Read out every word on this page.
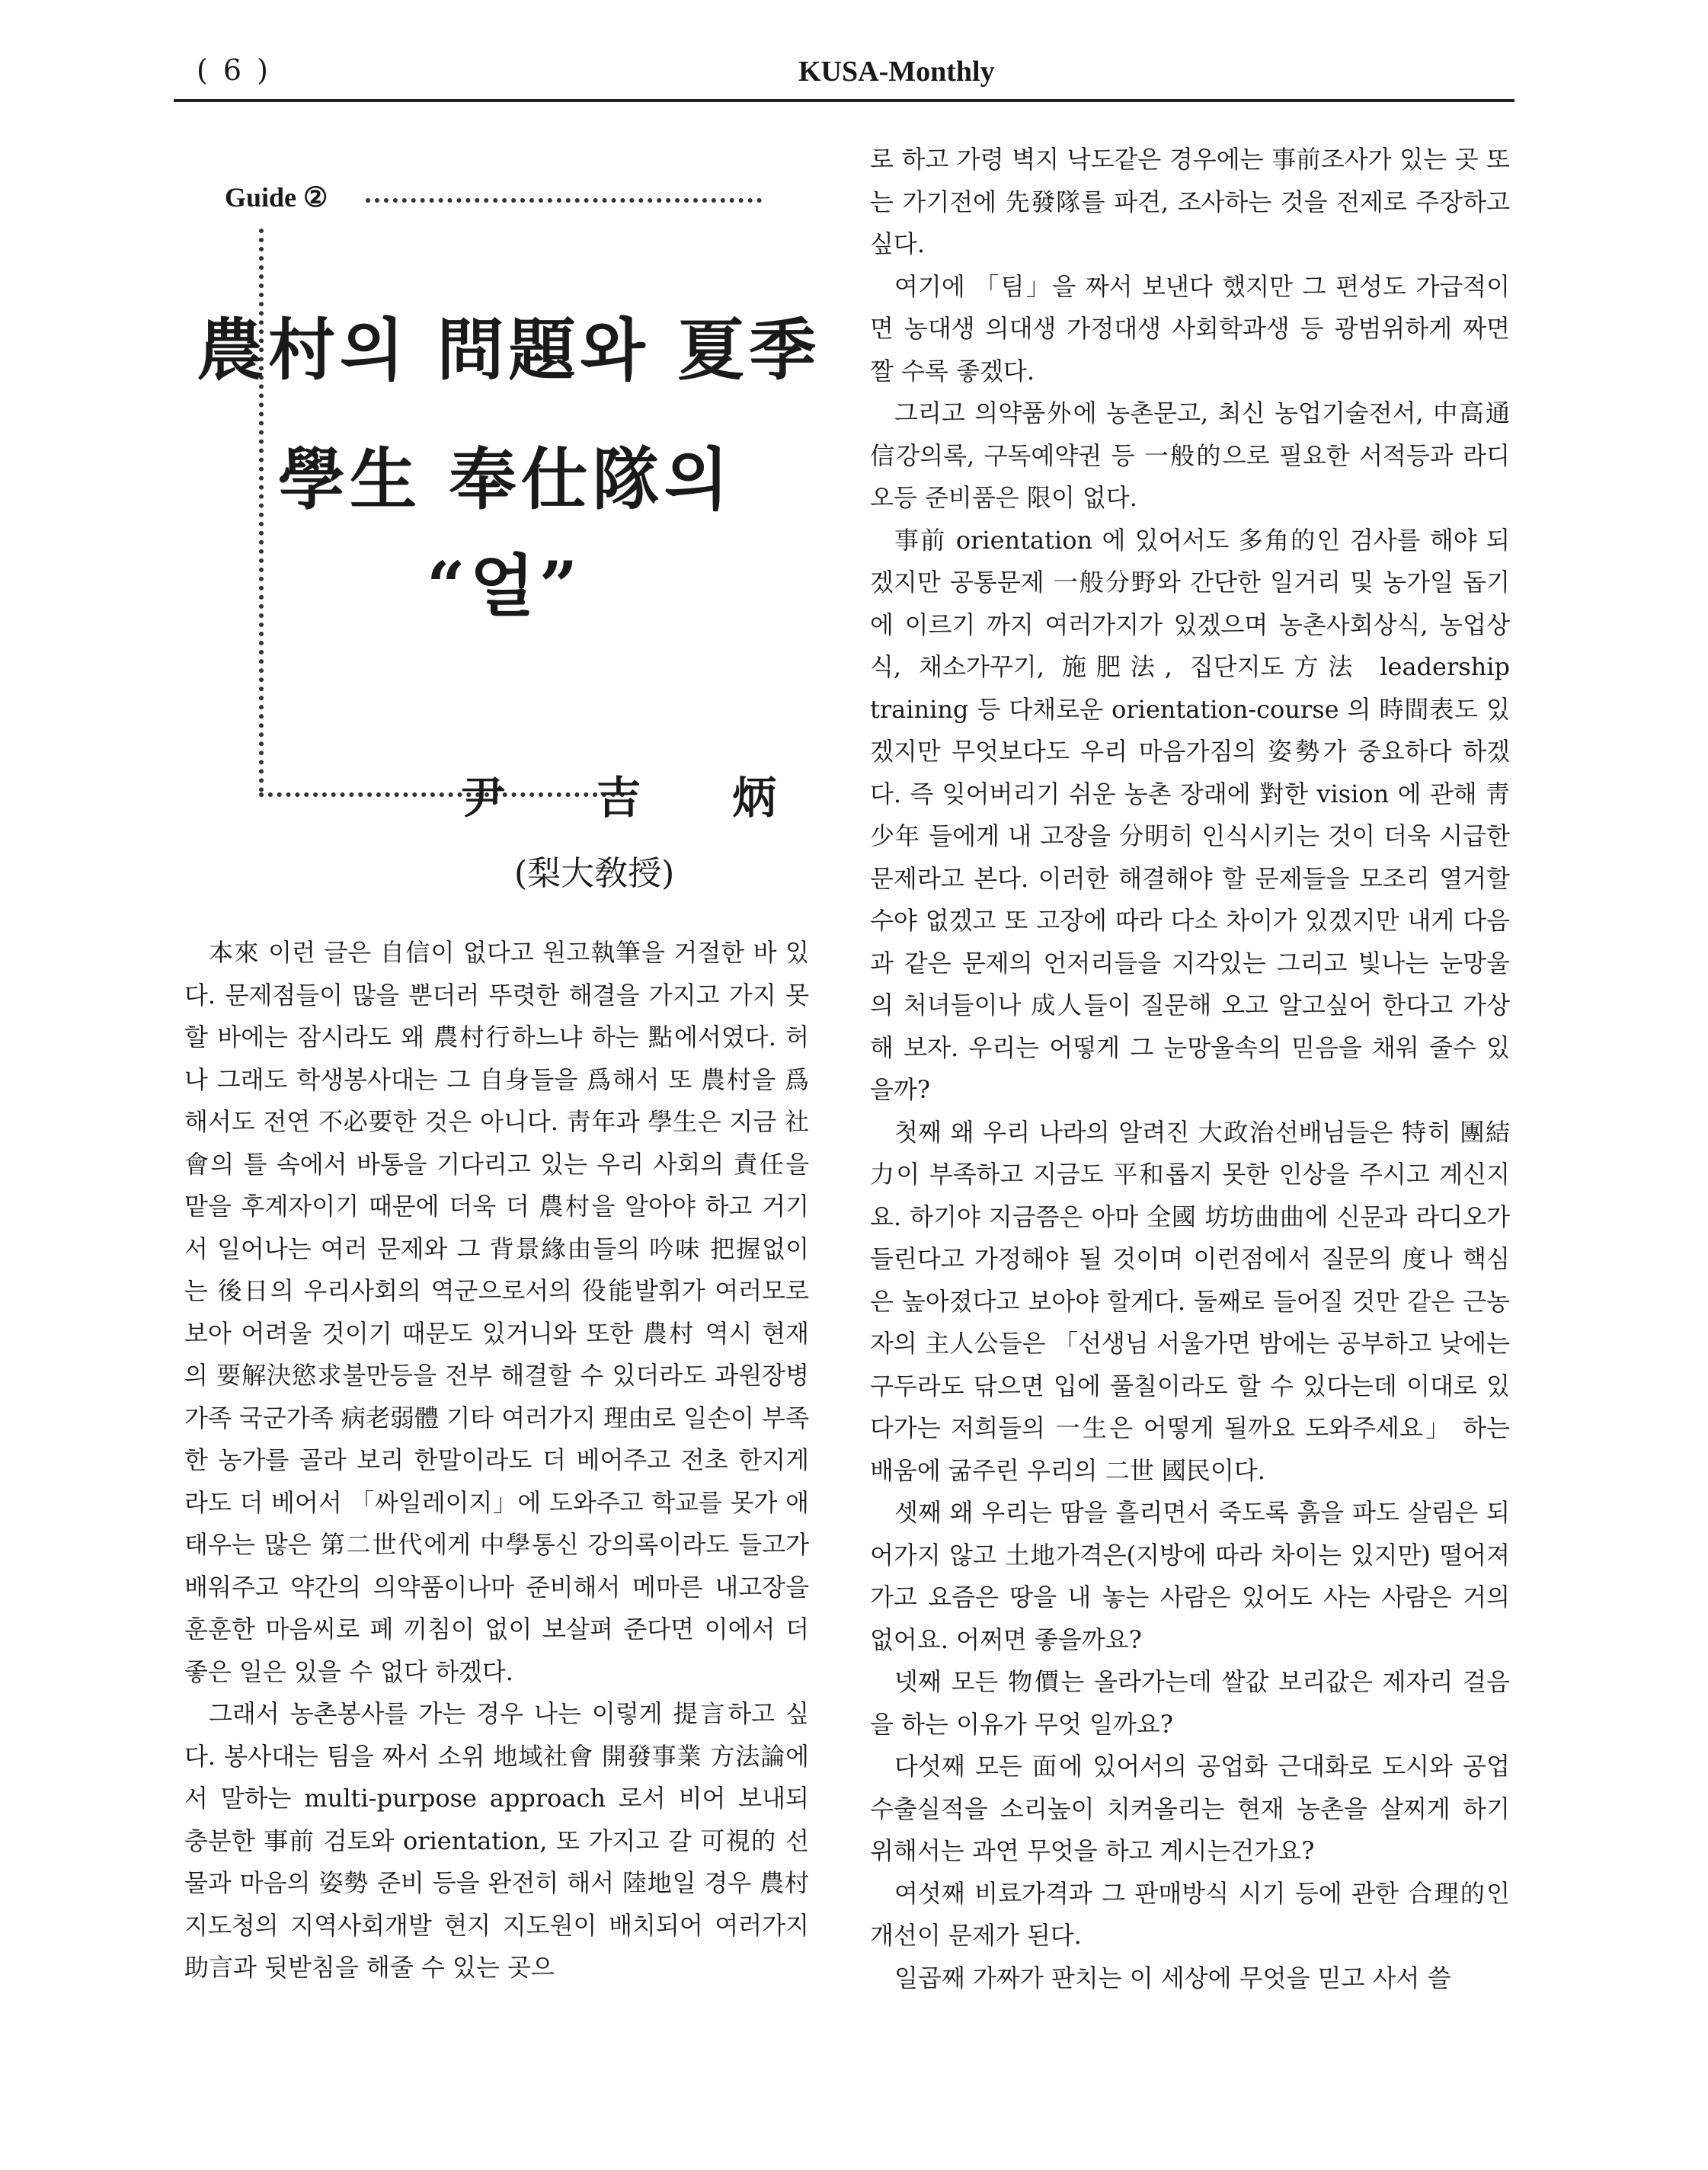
( 6 )	KUSA-Monthly
Guide ②
農村의 問題와 夏季
學生 奉仕隊의
“얼”
尹吉炳
(梨大敎授)

本來 이런 글은 自信이 없다고 원고執筆을 거절한 바 있다. 문제점들이 많을 뿐더러 뚜렷한 해결을 가지고 가지 못할 바에는 잠시라도 왜 農村行하느냐 하는 點에서였다. 허나 그래도 학생봉사대는 그 自身들을 爲해서 또 農村을 爲해서도 전연 不必要한 것은 아니다. 靑年과 學生은 지금 社會의 틀 속에서 바통을 기다리고 있는 우리 사회의 責任을 맡을 후계자이기 때문에 더욱 더 農村을 알아야 하고 거기서 일어나는 여러 문제와 그 背景緣由들의 吟味 把握없이는 後日의 우리사회의 역군으로서의 役能발휘가 여러모로 보아 어려울 것이기 때문도 있거니와 또한 農村 역시 현재의 要解決慾求불만등을 전부 해결할 수 있더라도 과원장병가족 국군가족 病老弱體 기타 여러가지 理由로 일손이 부족한 농가를 골라 보리 한말이라도 더 베어주고 전초 한지게라도 더 베어서 「싸일레이지」에 도와주고 학교를 못가 애태우는 많은 第二世代에게 中學통신 강의록이라도 들고가 배워주고 약간의 의약품이나마 준비해서 메마른 내고장을 훈훈한 마음씨로 폐 끼침이 없이 보살펴 준다면 이에서 더 좋은 일은 있을 수 없다 하겠다.

그래서 농촌봉사를 가는 경우 나는 이렇게 提言하고 싶다. 봉사대는 팀을 짜서 소위 地域社會 開發事業 方法論에서 말하는 multi-purpose approach 로서 비어 보내되 충분한 事前 검토와 orientation, 또 가지고 갈 可視的 선물과 마음의 姿勢 준비 등을 완전히 해서 陸地일 경우 農村지도청의 지역사회개발 현지 지도원이 배치되어 여러가지 助言과 뒷받침을 해줄 수 있는 곳으

로 하고 가령 벽지 낙도같은 경우에는 事前조사가 있는 곳 또는 가기전에 先發隊를 파견, 조사하는 것을 전제로 주장하고 싶다.

여기에 「팀」을 짜서 보낸다 했지만 그 편성도 가급적이면 농대생 의대생 가정대생 사회학과생 등 광범위하게 짜면 짤 수록 좋겠다.

그리고 의약품外에 농촌문고, 최신 농업기술전서, 中高通信강의록, 구독예약권 등 一般的으로 필요한 서적등과 라디오등 준비품은 限이 없다.

事前 orientation 에 있어서도 多角的인 검사를 해야 되겠지만 공통문제 一般分野와 간단한 일거리 및 농가일 돕기에 이르기 까지 여러가지가 있겠으며 농촌사회상식, 농업상식, 채소가꾸기, 施肥法, 집단지도方法 leadership training 등 다채로운 orientation-course 의 時間表도 있겠지만 무엇보다도 우리 마음가짐의 姿勢가 중요하다 하겠다. 즉 잊어버리기 쉬운 농촌 장래에 對한 vision 에 관해 靑少年 들에게 내 고장을 分明히 인식시키는 것이 더욱 시급한 문제라고 본다. 이러한 해결해야 할 문제들을 모조리 열거할 수야 없겠고 또 고장에 따라 다소 차이가 있겠지만 내게 다음과 같은 문제의 언저리들을 지각있는 그리고 빛나는 눈망울의 처녀들이나 成人들이 질문해 오고 알고싶어 한다고 가상해 보자. 우리는 어떻게 그 눈망울속의 믿음을 채워 줄수 있을까?

첫째 왜 우리 나라의 알려진 大政治선배님들은 特히 團結力이 부족하고 지금도 平和롭지 못한 인상을 주시고 계신지요. 하기야 지금쯤은 아마 全國 坊坊曲曲에 신문과 라디오가 들린다고 가정해야 될 것이며 이런점에서 질문의 度나 핵심은 높아졌다고 보아야 할게다. 둘째로 들어질 것만 같은 근농자의 主人公들은 「선생님 서울가면 밤에는 공부하고 낮에는 구두라도 닦으면 입에 풀칠이라도 할 수 있다는데 이대로 있다가는 저희들의 一生은 어떻게 될까요 도와주세요」 하는 배움에 굶주린 우리의 二世 國民이다.

셋째 왜 우리는 땀을 흘리면서 죽도록 흙을 파도 살림은 되어가지 않고 土地가격은(지방에 따라 차이는 있지만) 떨어져 가고 요즘은 땅을 내 놓는 사람은 있어도 사는 사람은 거의 없어요. 어쩌면 좋을까요?

넷째 모든 物價는 올라가는데 쌀값 보리값은 제자리 걸음을 하는 이유가 무엇 일까요?

다섯째 모든 面에 있어서의 공업화 근대화로 도시와 공업수출실적을 소리높이 치켜올리는 현재 농촌을 살찌게 하기 위해서는 과연 무엇을 하고 계시는건가요?

여섯째 비료가격과 그 판매방식 시기 등에 관한 合理的인 개선이 문제가 된다.

일곱째 가짜가 판치는 이 세상에 무엇을 믿고 사서 쓸
